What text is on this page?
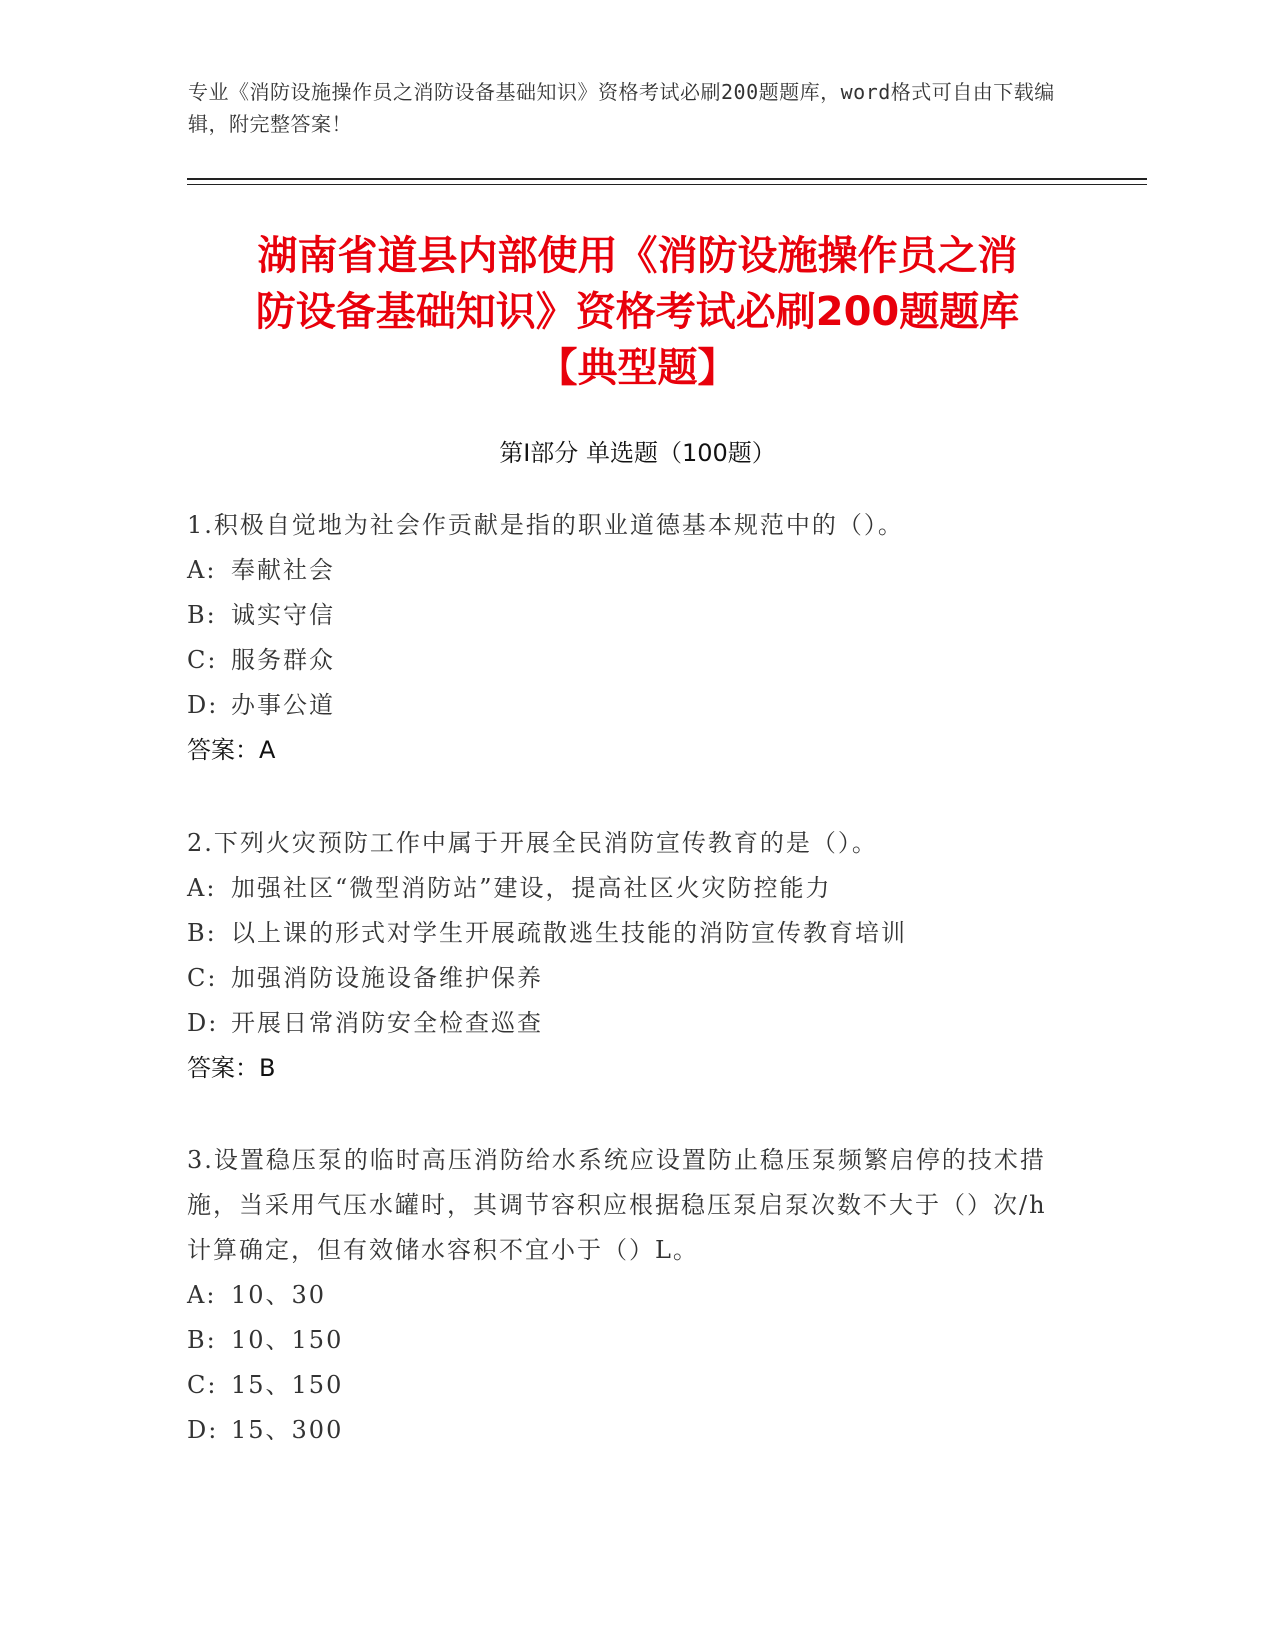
专业《消防设施操作员之消防设备基础知识》资格考试必刷200题题库，word格式可自由下载编辑，附完整答案！
湖南省道县内部使用《消防设施操作员之消
防设备基础知识》资格考试必刷200题题库
【典型题】
第I部分 单选题（100题）

1.积极自觉地为社会作贡献是指的职业道德基本规范中的（）。

A: 奉献社会

B: 诚实守信

C: 服务群众

D: 办事公道

答案：A

2.下列火灾预防工作中属于开展全民消防宣传教育的是（）。

A: 加强社区“微型消防站”建设，提高社区火灾防控能力

B: 以上课的形式对学生开展疏散逃生技能的消防宣传教育培训

C: 加强消防设施设备维护保养

D: 开展日常消防安全检查巡查

答案：B

3.设置稳压泵的临时高压消防给水系统应设置防止稳压泵频繁启停的技术措施，当采用气压水罐时，其调节容积应根据稳压泵启泵次数不大于（）次/h计算确定，但有效储水容积不宜小于（）L。

A: 10、30

B: 10、150

C: 15、150

D: 15、300
